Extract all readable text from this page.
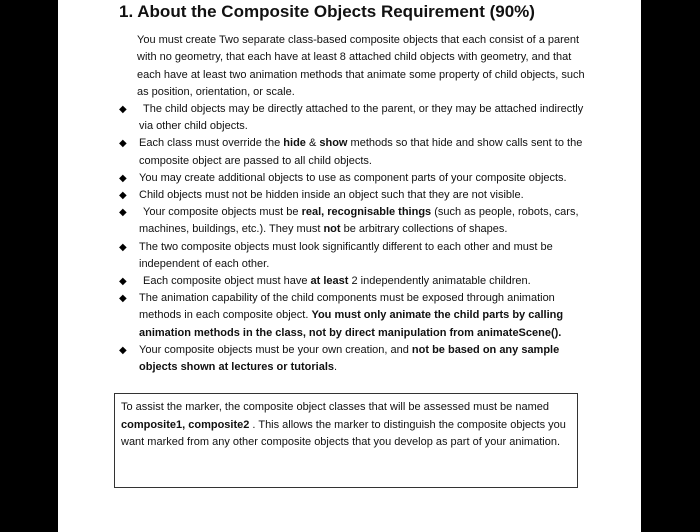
1. About the Composite Objects Requirement (90%)

You must create Two separate class-based composite objects that each consist of a parent with no geometry, that each have at least 8 attached child objects with geometry, and that each have at least two animation methods that animate some property of child objects, such as position, orientation, or scale.

◆	The child objects may be directly attached to the parent, or they may be attached indirectly via other child objects.
◆ Each class must override the hide & show methods so that hide and show calls sent to the composite object are passed to all child objects.
◆ You may create additional objects to use as component parts of your composite objects.
◆ Child objects must not be hidden inside an object such that they are not visible.
◆	Your composite objects must be real, recognisable things (such as people, robots, cars, machines, buildings, etc.). They must not be arbitrary collections of shapes.
◆ The two composite objects must look significantly different to each other and must be independent of each other.
◆	Each composite object must have at least 2 independently animatable children.
◆ The animation capability of the child components must be exposed through animation methods in each composite object. You must only animate the child parts by calling animation methods in the class, not by direct manipulation from animateScene().
◆ Your composite objects must be your own creation, and not be based on any sample objects shown at lectures or tutorials.
To assist the marker, the composite object classes that will be assessed must be named composite1, composite2 . This allows the marker to distinguish the composite objects you want marked from any other composite objects that you develop as part of your animation.
